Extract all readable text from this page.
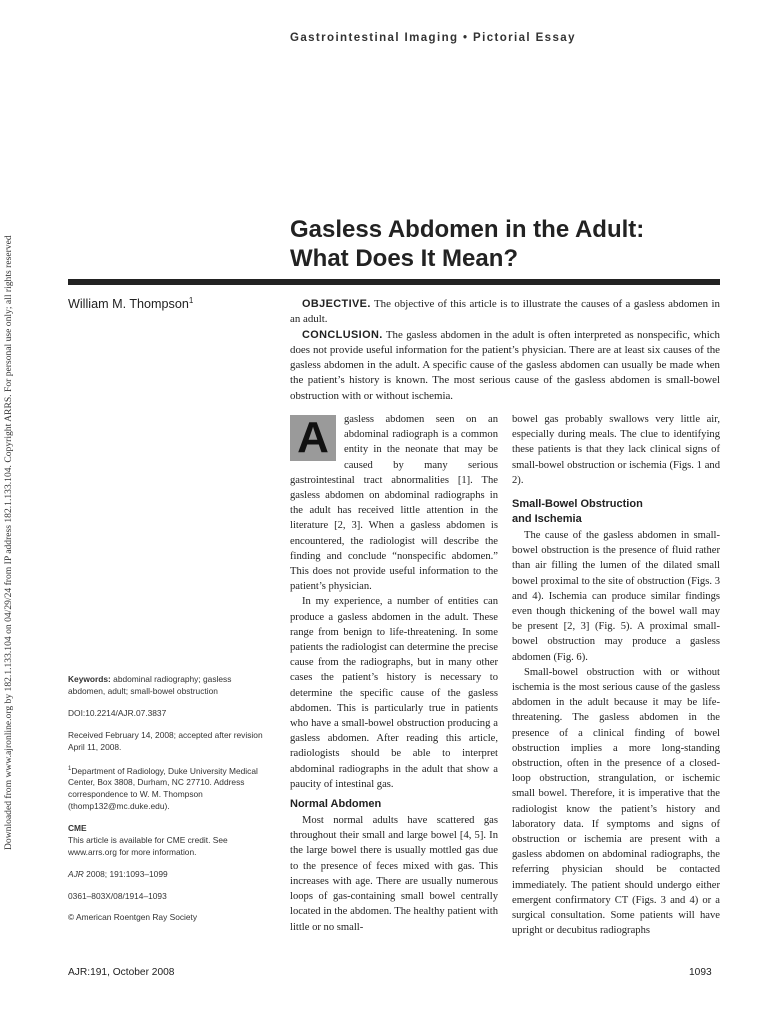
Gastrointestinal Imaging • Pictorial Essay
Downloaded from www.ajronline.org by 182.1.133.104 on 04/29/24 from IP address 182.1.133.104. Copyright ARRS. For personal use only; all rights reserved
Gasless Abdomen in the Adult:
What Does It Mean?
William M. Thompson$^1$	OBJECTIVE. The objective of this article is to illustrate the causes of a gasless abdomen in an adult.

CONCLUSION. The gasless abdomen in the adult is often interpreted as nonspecific, which does not provide useful information for the patient’s physician. There are at least six causes of the gasless abdomen in the adult. A specific cause of the gasless abdomen can usually be made when the patient’s history is known. The most serious cause of the gasless abdomen is small-bowel obstruction with or without ischemia.

Keywords: abdominal radiography; gasless abdomen, adult; small-bowel obstruction

DOI:10.2214/AJR.07.3837

Received February 14, 2008; accepted after revision April 11, 2008.

$^1$Department of Radiology, Duke University Medical Center, Box 3808, Durham, NC 27710. Address correspondence to W. M. Thompson (thomp132@mc.duke.edu).

CME
This article is available for CME credit. See www.arrs.org for more information.

AJR 2008; 191:1093–1099

0361–803X/08/1914–1093

© American Roentgen Ray Society

A	gasless abdomen seen on an abdominal radiograph is a common entity in the neonate that may be caused by many serious gastrointestinal tract abnormalities [1]. The gasless abdomen on abdominal radiographs in the adult has received little attention in the literature [2, 3]. When a gasless abdomen is encountered, the radiologist will describe the finding and conclude “nonspecific abdomen.” This does not provide useful information to the patient’s physician.

In my experience, a number of entities can produce a gasless abdomen in the adult. These range from benign to life-threatening. In some patients the radiologist can determine the precise cause from the radiographs, but in many other cases the patient’s history is necessary to determine the specific cause of the gasless abdomen. This is particularly true in patients who have a small-bowel obstruction producing a gasless abdomen. After reading this article, radiologists should be able to interpret abdominal radiographs in the adult that show a paucity of intestinal gas.

Normal Abdomen

Most normal adults have scattered gas throughout their small and large bowel [4, 5]. In the large bowel there is usually mottled gas due to the presence of feces mixed with gas. This increases with age. There are usually numerous loops of gas-containing small bowel centrally located in the abdomen. The healthy patient with little or no small-

bowel gas probably swallows very little air, especially during meals. The clue to identifying these patients is that they lack clinical signs of small-bowel obstruction or ischemia (Figs. 1 and 2).

Small-Bowel Obstruction
and Ischemia

The cause of the gasless abdomen in small-bowel obstruction is the presence of fluid rather than air filling the lumen of the dilated small bowel proximal to the site of obstruction (Figs. 3 and 4). Ischemia can produce similar findings even though thickening of the bowel wall may be present [2, 3] (Fig. 5). A proximal small-bowel obstruction may produce a gasless abdomen (Fig. 6).

Small-bowel obstruction with or without ischemia is the most serious cause of the gasless abdomen in the adult because it may be life-threatening. The gasless abdomen in the presence of a clinical finding of bowel obstruction implies a more long-standing obstruction, often in the presence of a closed-loop obstruction, strangulation, or ischemic small bowel. Therefore, it is imperative that the radiologist know the patient’s history and laboratory data. If symptoms and signs of obstruction or ischemia are present with a gasless abdomen on abdominal radiographs, the referring physician should be contacted immediately. The patient should undergo either emergent confirmatory CT (Figs. 3 and 4) or a surgical consultation. Some patients will have upright or decubitus radiographs

AJR:191, October 2008	1093
